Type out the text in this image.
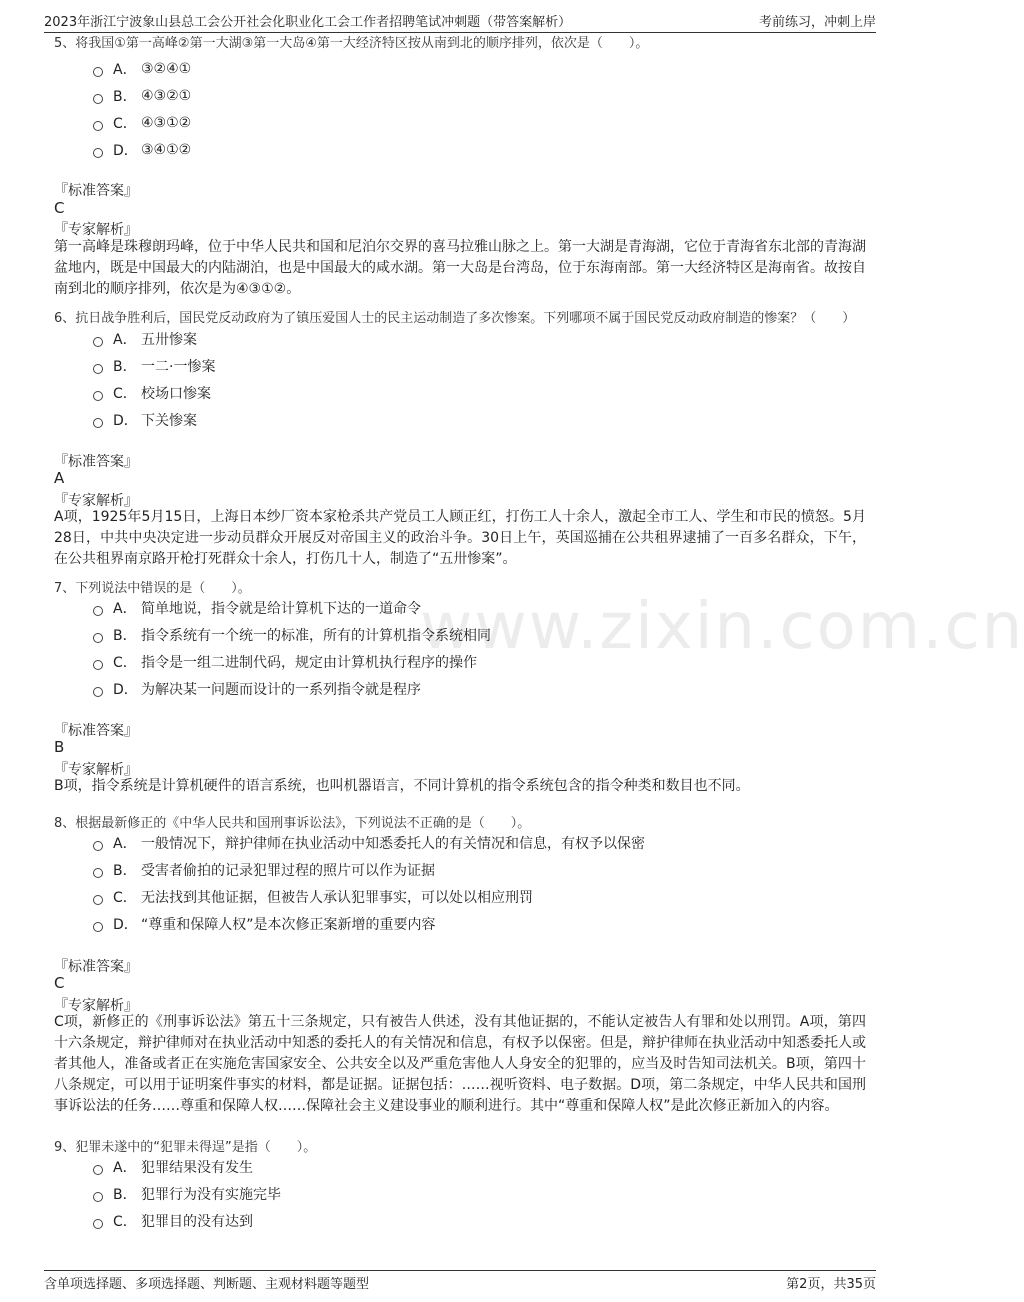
2023年浙江宁波象山县总工会公开社会化职业化工会工作者招聘笔试冲刺题（带答案解析）	考前练习，冲刺上岸
www.zixin.com.cn
5、将我国①第一高峰②第一大湖③第一大岛④第一大经济特区按从南到北的顺序排列，依次是（　　）。
A． ③②④①
B． ④③②①
C． ④③①②
D． ③④①②
『标准答案』
C
『专家解析』
第一高峰是珠穆朗玛峰，位于中华人民共和国和尼泊尔交界的喜马拉雅山脉之上。第一大湖是青海湖，它位于青海省东北部的青海湖盆地内，既是中国最大的内陆湖泊，也是中国最大的咸水湖。第一大岛是台湾岛，位于东海南部。第一大经济特区是海南省。故按自南到北的顺序排列，依次是为④③①②。
6、抗日战争胜利后，国民党反动政府为了镇压爱国人士的民主运动制造了多次惨案。下列哪项不属于国民党反动政府制造的惨案？（　　）
A． 五卅惨案
B． 一二·一惨案
C． 校场口惨案
D． 下关惨案
『标准答案』
A
『专家解析』
A项，1925年5月15日，上海日本纱厂资本家枪杀共产党员工人顾正红，打伤工人十余人，激起全市工人、学生和市民的愤怒。5月28日，中共中央决定进一步动员群众开展反对帝国主义的政治斗争。30日上午，英国巡捕在公共租界逮捕了一百多名群众，下午，在公共租界南京路开枪打死群众十余人，打伤几十人，制造了“五卅惨案”。
7、下列说法中错误的是（　　）。
A． 简单地说，指令就是给计算机下达的一道命令
B． 指令系统有一个统一的标准，所有的计算机指令系统相同
C． 指令是一组二进制代码，规定由计算机执行程序的操作
D． 为解决某一问题而设计的一系列指令就是程序
『标准答案』
B
『专家解析』
B项，指令系统是计算机硬件的语言系统，也叫机器语言，不同计算机的指令系统包含的指令种类和数目也不同。
8、根据最新修正的《中华人民共和国刑事诉讼法》，下列说法不正确的是（　　）。
A． 一般情况下，辩护律师在执业活动中知悉委托人的有关情况和信息，有权予以保密
B． 受害者偷拍的记录犯罪过程的照片可以作为证据
C． 无法找到其他证据，但被告人承认犯罪事实，可以处以相应刑罚
D． “尊重和保障人权”是本次修正案新增的重要内容
『标准答案』
C
『专家解析』
C项，新修正的《刑事诉讼法》第五十三条规定，只有被告人供述，没有其他证据的，不能认定被告人有罪和处以刑罚。A项，第四十六条规定，辩护律师对在执业活动中知悉的委托人的有关情况和信息，有权予以保密。但是，辩护律师在执业活动中知悉委托人或者其他人，准备或者正在实施危害国家安全、公共安全以及严重危害他人人身安全的犯罪的，应当及时告知司法机关。B项，第四十八条规定，可以用于证明案件事实的材料，都是证据。证据包括：……视听资料、电子数据。D项，第二条规定，中华人民共和国刑事诉讼法的任务……尊重和保障人权……保障社会主义建设事业的顺利进行。其中“尊重和保障人权”是此次修正新加入的内容。
9、犯罪未遂中的“犯罪未得逞”是指（　　）。
A． 犯罪结果没有发生
B． 犯罪行为没有实施完毕
C． 犯罪目的没有达到
含单项选择题、多项选择题、判断题、主观材料题等题型	第2页，共35页
